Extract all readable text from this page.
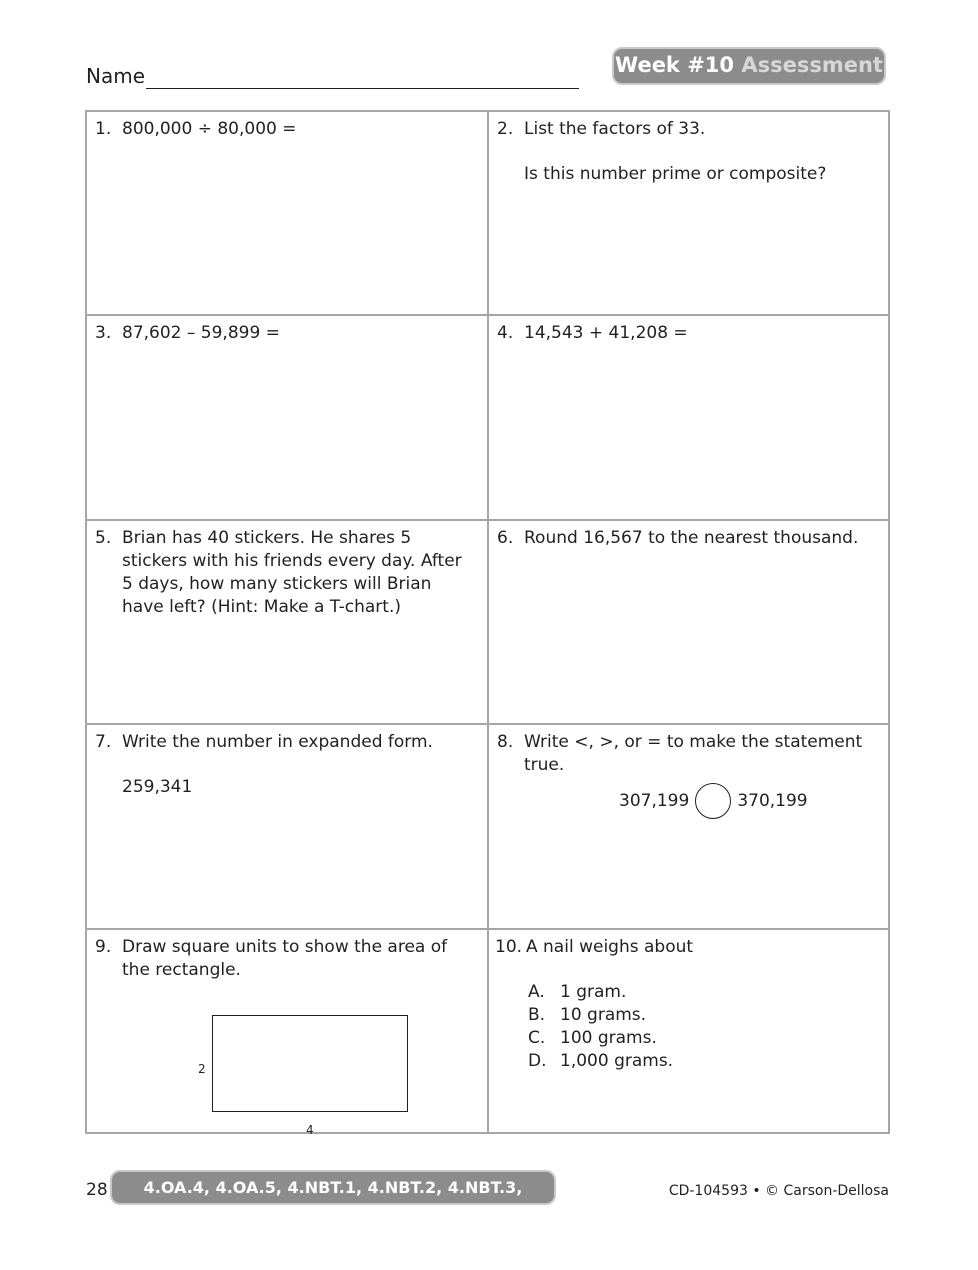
Name	Week #10 Assessment
1. 800,000 ÷ 80,000 =	2. List the factors of 33.
Is this number prime or composite?
3. 87,602 – 59,899 =	4. 14,543 + 41,208 =
5. Brian has 40 stickers. He shares 5 stickers with his friends every day. After 5 days, how many stickers will Brian have left? (Hint: Make a T-chart.)
6. Round 16,567 to the nearest thousand.
7. Write the number in expanded form.
259,341
8. Write <, >, or = to make the statement true.
307,199	370,199
9. Draw square units to show the area of the rectangle.
2
4
10. A nail weighs about
A. 1 gram.
B. 10 grams.
C. 100 grams.
D. 1,000 grams.
28	4.OA.4, 4.OA.5, 4.NBT.1, 4.NBT.2, 4.NBT.3, 4.NBT.4
CD-104593 • © Carson-Dellosa
